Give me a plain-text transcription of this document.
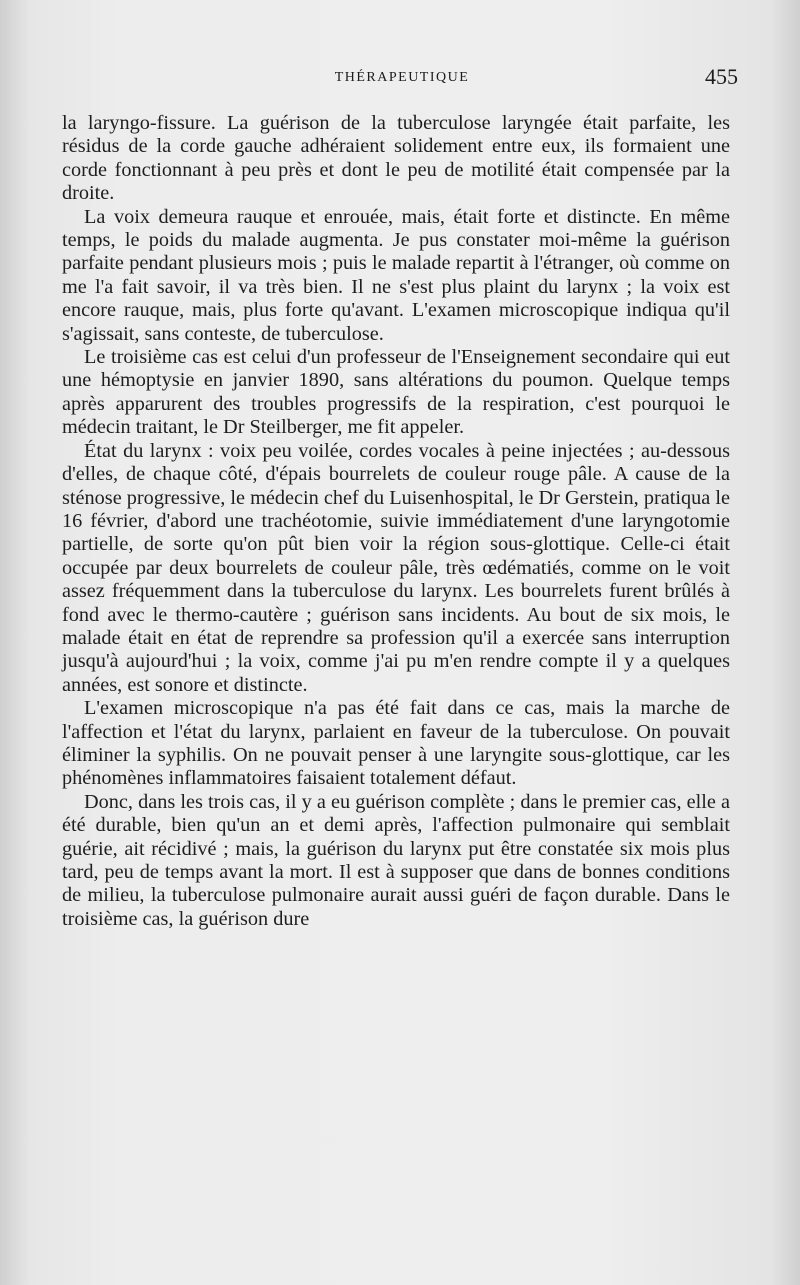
THÉRAPEUTIQUE	455

la laryngo-fissure. La guérison de la tuberculose laryngée était parfaite, les résidus de la corde gauche adhéraient solidement entre eux, ils formaient une corde fonctionnant à peu près et dont le peu de motilité était compensée par la droite.

La voix demeura rauque et enrouée, mais, était forte et distincte. En même temps, le poids du malade augmenta. Je pus constater moi-même la guérison parfaite pendant plusieurs mois ; puis le malade repartit à l'étranger, où comme on me l'a fait savoir, il va très bien. Il ne s'est plus plaint du larynx ; la voix est encore rauque, mais, plus forte qu'avant. L'examen microscopique indiqua qu'il s'agissait, sans conteste, de tuberculose.

Le troisième cas est celui d'un professeur de l'Enseignement secondaire qui eut une hémoptysie en janvier 1890, sans altérations du poumon. Quelque temps après apparurent des troubles progressifs de la respiration, c'est pourquoi le médecin traitant, le Dr Steilberger, me fit appeler.

État du larynx : voix peu voilée, cordes vocales à peine injectées ; au-dessous d'elles, de chaque côté, d'épais bourrelets de couleur rouge pâle. A cause de la sténose progressive, le médecin chef du Luisenhospital, le Dr Gerstein, pratiqua le 16 février, d'abord une trachéotomie, suivie immédiatement d'une laryngotomie partielle, de sorte qu'on pût bien voir la région sous-glottique. Celle-ci était occupée par deux bourrelets de couleur pâle, très œdématiés, comme on le voit assez fréquemment dans la tuberculose du larynx. Les bourrelets furent brûlés à fond avec le thermo-cautère ; guérison sans incidents. Au bout de six mois, le malade était en état de reprendre sa profession qu'il a exercée sans interruption jusqu'à aujourd'hui ; la voix, comme j'ai pu m'en rendre compte il y a quelques années, est sonore et distincte.

L'examen microscopique n'a pas été fait dans ce cas, mais la marche de l'affection et l'état du larynx, parlaient en faveur de la tuberculose. On pouvait éliminer la syphilis. On ne pouvait penser à une laryngite sous-glottique, car les phénomènes inflammatoires faisaient totalement défaut.

Donc, dans les trois cas, il y a eu guérison complète ; dans le premier cas, elle a été durable, bien qu'un an et demi après, l'affection pulmonaire qui semblait guérie, ait récidivé ; mais, la guérison du larynx put être constatée six mois plus tard, peu de temps avant la mort. Il est à supposer que dans de bonnes conditions de milieu, la tuberculose pulmonaire aurait aussi guéri de façon durable. Dans le troisième cas, la guérison dure
